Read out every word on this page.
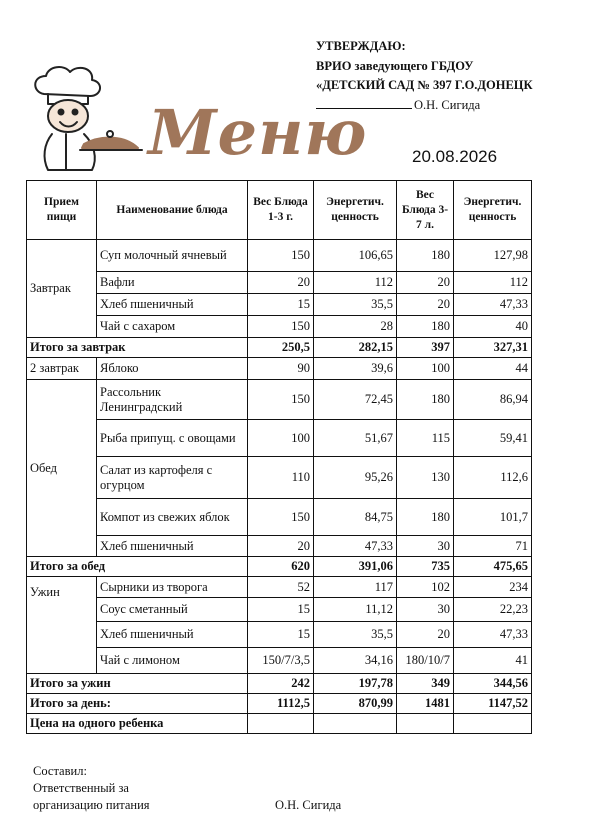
УТВЕРЖДАЮ:
ВРИО заведующего ГБДОУ
«ДЕТСКИЙ САД № 397 Г.О.ДОНЕЦК
О.Н. Сигида
Меню	20.08.2026
Прием пищи	Наименование блюда	Вес Блюда 1-3 г.	Энергетич. ценность	Вес Блюда 3-7 л.	Энергетич. ценность
Завтрак	Суп молочный ячневый	150	106,65	180	127,98
	Вафли	20	112	20	112
	Хлеб пшеничный	15	35,5	20	47,33
	Чай с сахаром	150	28	180	40
Итого за завтрак		250,5	282,15	397	327,31
2 завтрак	Яблоко	90	39,6	100	44
Обед	Рассольник Ленинградский	150	72,45	180	86,94
	Рыба припущ. с овощами	100	51,67	115	59,41
	Салат из картофеля с огурцом	110	95,26	130	112,6
	Компот из свежих яблок	150	84,75	180	101,7
	Хлеб пшеничный	20	47,33	30	71
Итого за обед		620	391,06	735	475,65
Ужин	Сырники из творога	52	117	102	234
	Соус сметанный	15	11,12	30	22,23
	Хлеб пшеничный	15	35,5	20	47,33
	Чай с лимоном	150/7/3,5	34,16	180/10/7	41
Итого за ужин		242	197,78	349	344,56
Итого за день:		1112,5	870,99	1481	1147,52
Цена на одного ребенка					
Составил:
Ответственный за
организацию питания	О.Н. Сигида
